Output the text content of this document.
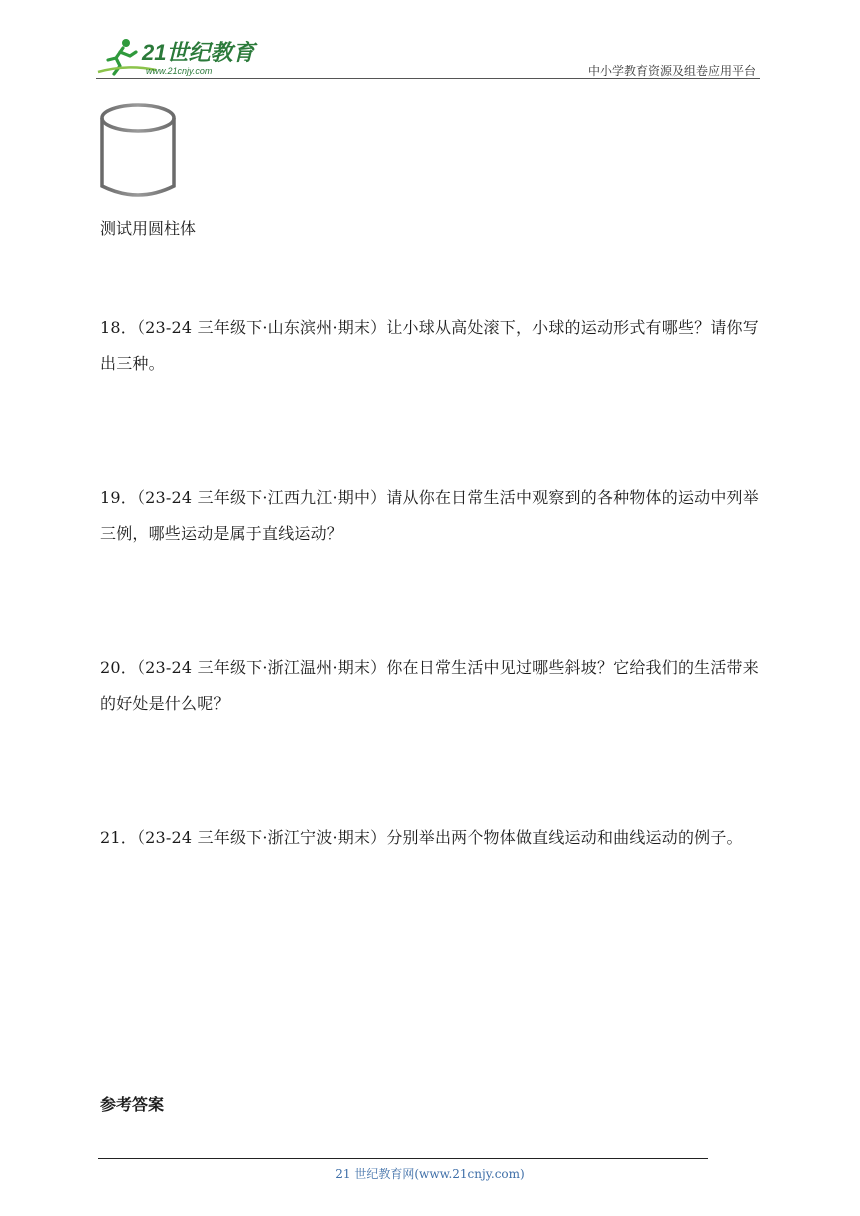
21世纪教育
www.21cnjy.com	中小学教育资源及组卷应用平台
测试用圆柱体
18．（23-24 三年级下·山东滨州·期末）让小球从高处滚下，小球的运动形式有哪些？请你写出三种。
19．（23-24 三年级下·江西九江·期中）请从你在日常生活中观察到的各种物体的运动中列举三例，哪些运动是属于直线运动？
20．（23-24 三年级下·浙江温州·期末）你在日常生活中见过哪些斜坡？它给我们的生活带来的好处是什么呢？
21．（23-24 三年级下·浙江宁波·期末）分别举出两个物体做直线运动和曲线运动的例子。
参考答案
21 世纪教育网(www.21cnjy.com)
